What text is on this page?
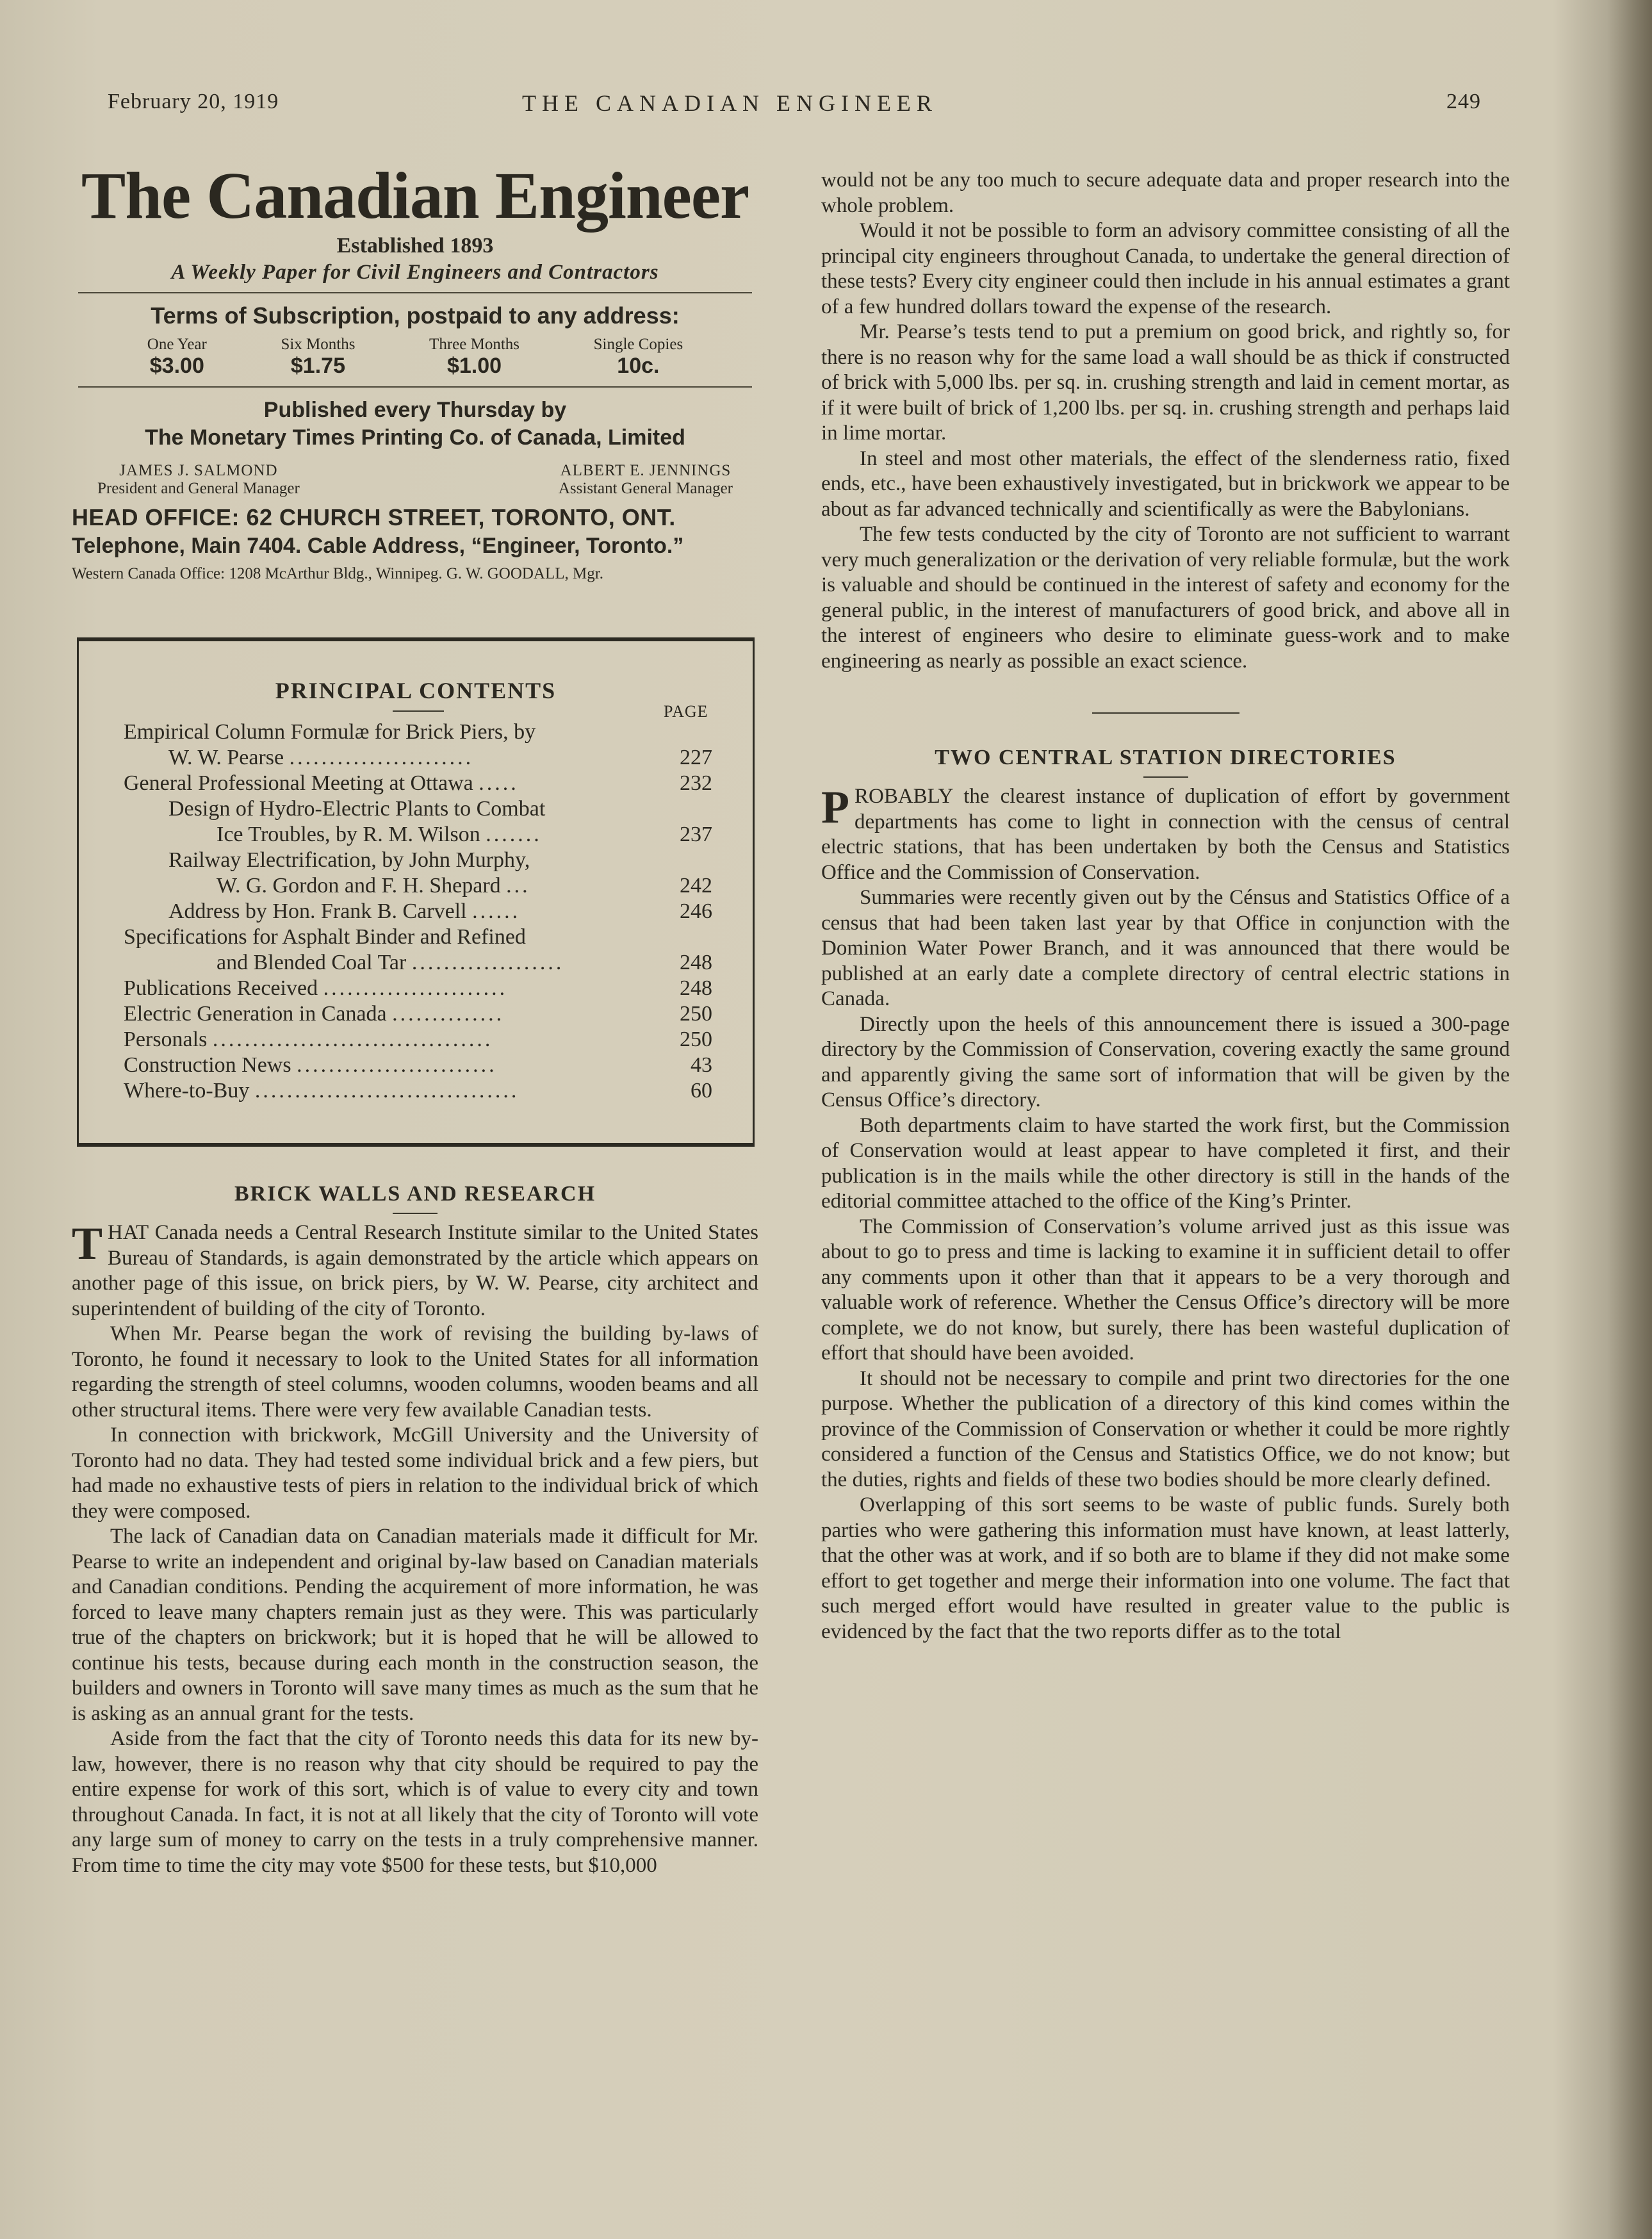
February 20, 1919	THE CANADIAN ENGINEER	249
The Canadian Engineer
Established 1893
A Weekly Paper for Civil Engineers and Contractors
Terms of Subscription, postpaid to any address:
One Year
$3.00
Six Months
$1.75
Three Months
$1.00
Single Copies
10c.
Published every Thursday by
The Monetary Times Printing Co. of Canada, Limited
JAMES J. SALMOND
President and General Manager
ALBERT E. JENNINGS
Assistant General Manager
HEAD OFFICE: 62 CHURCH STREET, TORONTO, ONT.
Telephone, Main 7404. Cable Address, “Engineer, Toronto.”
Western Canada Office: 1208 McArthur Bldg., Winnipeg. G. W. GOODALL, Mgr.
PRINCIPAL CONTENTS
PAGE
Empirical Column Formulæ for Brick Piers, by
W. W. Pearse .......................	227
General Professional Meeting at Ottawa .....	232
Design of Hydro-Electric Plants to Combat
Ice Troubles, by R. M. Wilson .......	237
Railway Electrification, by John Murphy,
W. G. Gordon and F. H. Shepard ...	242
Address by Hon. Frank B. Carvell ......	246
Specifications for Asphalt Binder and Refined
and Blended Coal Tar ...................	248
Publications Received .......................	248
Electric Generation in Canada ..............	250
Personals ...................................	250
Construction News .........................	43
Where-to-Buy .................................	60
BRICK WALLS AND RESEARCH

THAT Canada needs a Central Research Institute similar to the United States Bureau of Standards, is again demonstrated by the article which appears on another page of this issue, on brick piers, by W. W. Pearse, city architect and superintendent of building of the city of Toronto.

When Mr. Pearse began the work of revising the building by-laws of Toronto, he found it necessary to look to the United States for all information regarding the strength of steel columns, wooden columns, wooden beams and all other structural items. There were very few available Canadian tests.

In connection with brickwork, McGill University and the University of Toronto had no data. They had tested some individual brick and a few piers, but had made no exhaustive tests of piers in relation to the individual brick of which they were composed.

The lack of Canadian data on Canadian materials made it difficult for Mr. Pearse to write an independent and original by-law based on Canadian materials and Canadian conditions. Pending the acquirement of more information, he was forced to leave many chapters remain just as they were. This was particularly true of the chapters on brickwork; but it is hoped that he will be allowed to continue his tests, because during each month in the construction season, the builders and owners in Toronto will save many times as much as the sum that he is asking as an annual grant for the tests.

Aside from the fact that the city of Toronto needs this data for its new by-law, however, there is no reason why that city should be required to pay the entire expense for work of this sort, which is of value to every city and town throughout Canada. In fact, it is not at all likely that the city of Toronto will vote any large sum of money to carry on the tests in a truly comprehensive manner. From time to time the city may vote $500 for these tests, but $10,000

would not be any too much to secure adequate data and proper research into the whole problem.

Would it not be possible to form an advisory committee consisting of all the principal city engineers throughout Canada, to undertake the general direction of these tests? Every city engineer could then include in his annual estimates a grant of a few hundred dollars toward the expense of the research.

Mr. Pearse’s tests tend to put a premium on good brick, and rightly so, for there is no reason why for the same load a wall should be as thick if constructed of brick with 5,000 lbs. per sq. in. crushing strength and laid in cement mortar, as if it were built of brick of 1,200 lbs. per sq. in. crushing strength and perhaps laid in lime mortar.

In steel and most other materials, the effect of the slenderness ratio, fixed ends, etc., have been exhaustively investigated, but in brickwork we appear to be about as far advanced technically and scientifically as were the Babylonians.

The few tests conducted by the city of Toronto are not sufficient to warrant very much generalization or the derivation of very reliable formulæ, but the work is valuable and should be continued in the interest of safety and economy for the general public, in the interest of manufacturers of good brick, and above all in the interest of engineers who desire to eliminate guess-work and to make engineering as nearly as possible an exact science.

TWO CENTRAL STATION DIRECTORIES

PROBABLY the clearest instance of duplication of effort by government departments has come to light in connection with the census of central electric stations, that has been undertaken by both the Census and Statistics Office and the Commission of Conservation.

Summaries were recently given out by the Cénsus and Statistics Office of a census that had been taken last year by that Office in conjunction with the Dominion Water Power Branch, and it was announced that there would be published at an early date a complete directory of central electric stations in Canada.

Directly upon the heels of this announcement there is issued a 300-page directory by the Commission of Conservation, covering exactly the same ground and apparently giving the same sort of information that will be given by the Census Office’s directory.

Both departments claim to have started the work first, but the Commission of Conservation would at least appear to have completed it first, and their publication is in the mails while the other directory is still in the hands of the editorial committee attached to the office of the King’s Printer.

The Commission of Conservation’s volume arrived just as this issue was about to go to press and time is lacking to examine it in sufficient detail to offer any comments upon it other than that it appears to be a very thorough and valuable work of reference. Whether the Census Office’s directory will be more complete, we do not know, but surely, there has been wasteful duplication of effort that should have been avoided.

It should not be necessary to compile and print two directories for the one purpose. Whether the publication of a directory of this kind comes within the province of the Commission of Conservation or whether it could be more rightly considered a function of the Census and Statistics Office, we do not know; but the duties, rights and fields of these two bodies should be more clearly defined.

Overlapping of this sort seems to be waste of public funds. Surely both parties who were gathering this information must have known, at least latterly, that the other was at work, and if so both are to blame if they did not make some effort to get together and merge their information into one volume. The fact that such merged effort would have resulted in greater value to the public is evidenced by the fact that the two reports differ as to the total
